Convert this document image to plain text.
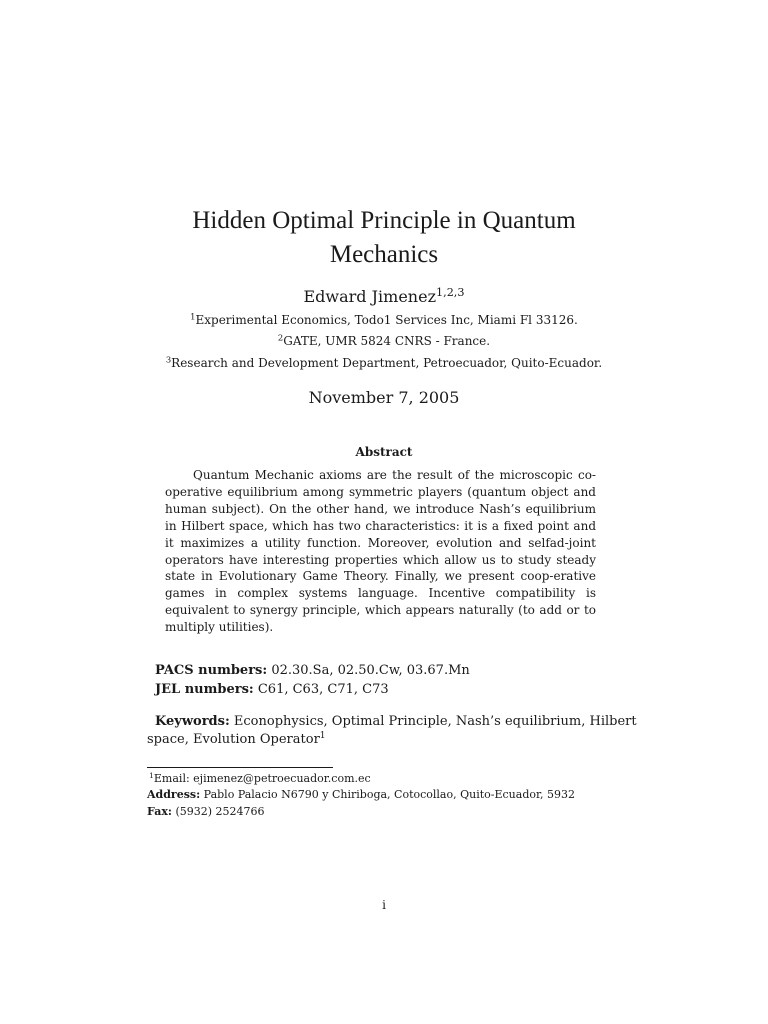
Hidden Optimal Principle in Quantum
Mechanics
Edward Jimenez$^{1,2,3}$
$^1$Experimental Economics, Todo1 Services Inc, Miami Fl 33126.
$^2$GATE, UMR 5824 CNRS - France.
$^3$Research and Development Department, Petroecuador, Quito-Ecuador.
November 7, 2005
Abstract

Quantum Mechanic axioms are the result of the microscopic co-operative equilibrium among symmetric players (quantum object and human subject). On the other hand, we introduce Nash’s equilibrium in Hilbert space, which has two characteristics: it is a fixed point and it maximizes a utility function. Moreover, evolution and selfad-joint operators have interesting properties which allow us to study steady state in Evolutionary Game Theory. Finally, we present coop-erative games in complex systems language. Incentive compatibility is equivalent to synergy principle, which appears naturally (to add or to multiply utilities).

PACS numbers: 02.30.Sa, 02.50.Cw, 03.67.Mn
JEL numbers: C61, C63, C71, C73

Keywords: Econophysics, Optimal Principle, Nash’s equilibrium, Hilbert space, Evolution Operator$^1$

$^1$Email: ejimenez@petroecuador.com.ec
Address: Pablo Palacio N6790 y Chiriboga, Cotocollao, Quito-Ecuador, 5932
Fax: (5932) 2524766
i
